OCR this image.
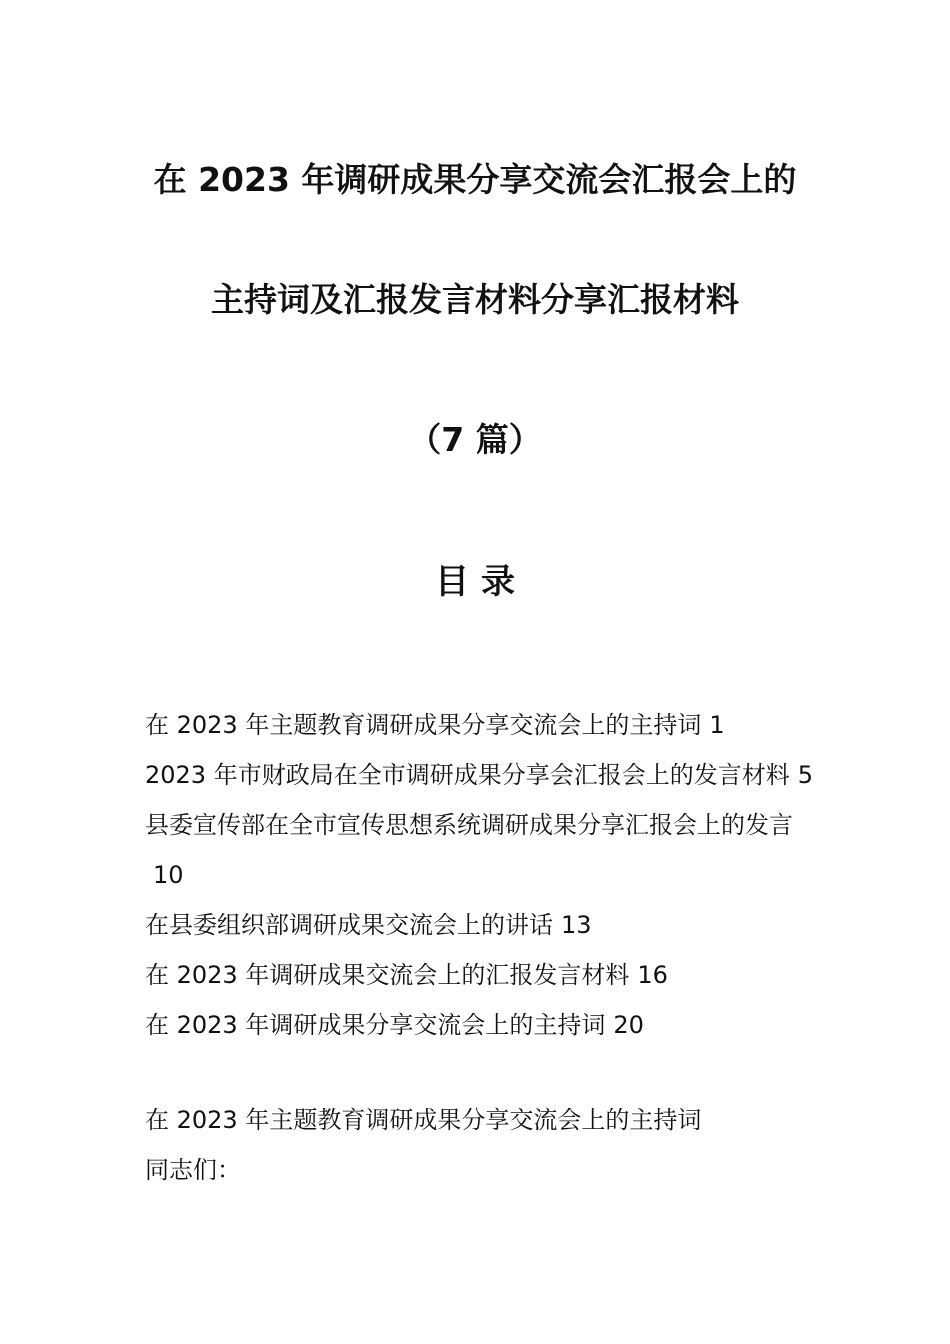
在 2023 年调研成果分享交流会汇报会上的
主持词及汇报发言材料分享汇报材料
（7 篇）
目录
在 2023 年主题教育调研成果分享交流会上的主持词 1
2023 年市财政局在全市调研成果分享会汇报会上的发言材料 5
县委宣传部在全市宣传思想系统调研成果分享汇报会上的发言10
在县委组织部调研成果交流会上的讲话 13
在 2023 年调研成果交流会上的汇报发言材料 16
在 2023 年调研成果分享交流会上的主持词 20

在 2023 年主题教育调研成果分享交流会上的主持词

同志们：
